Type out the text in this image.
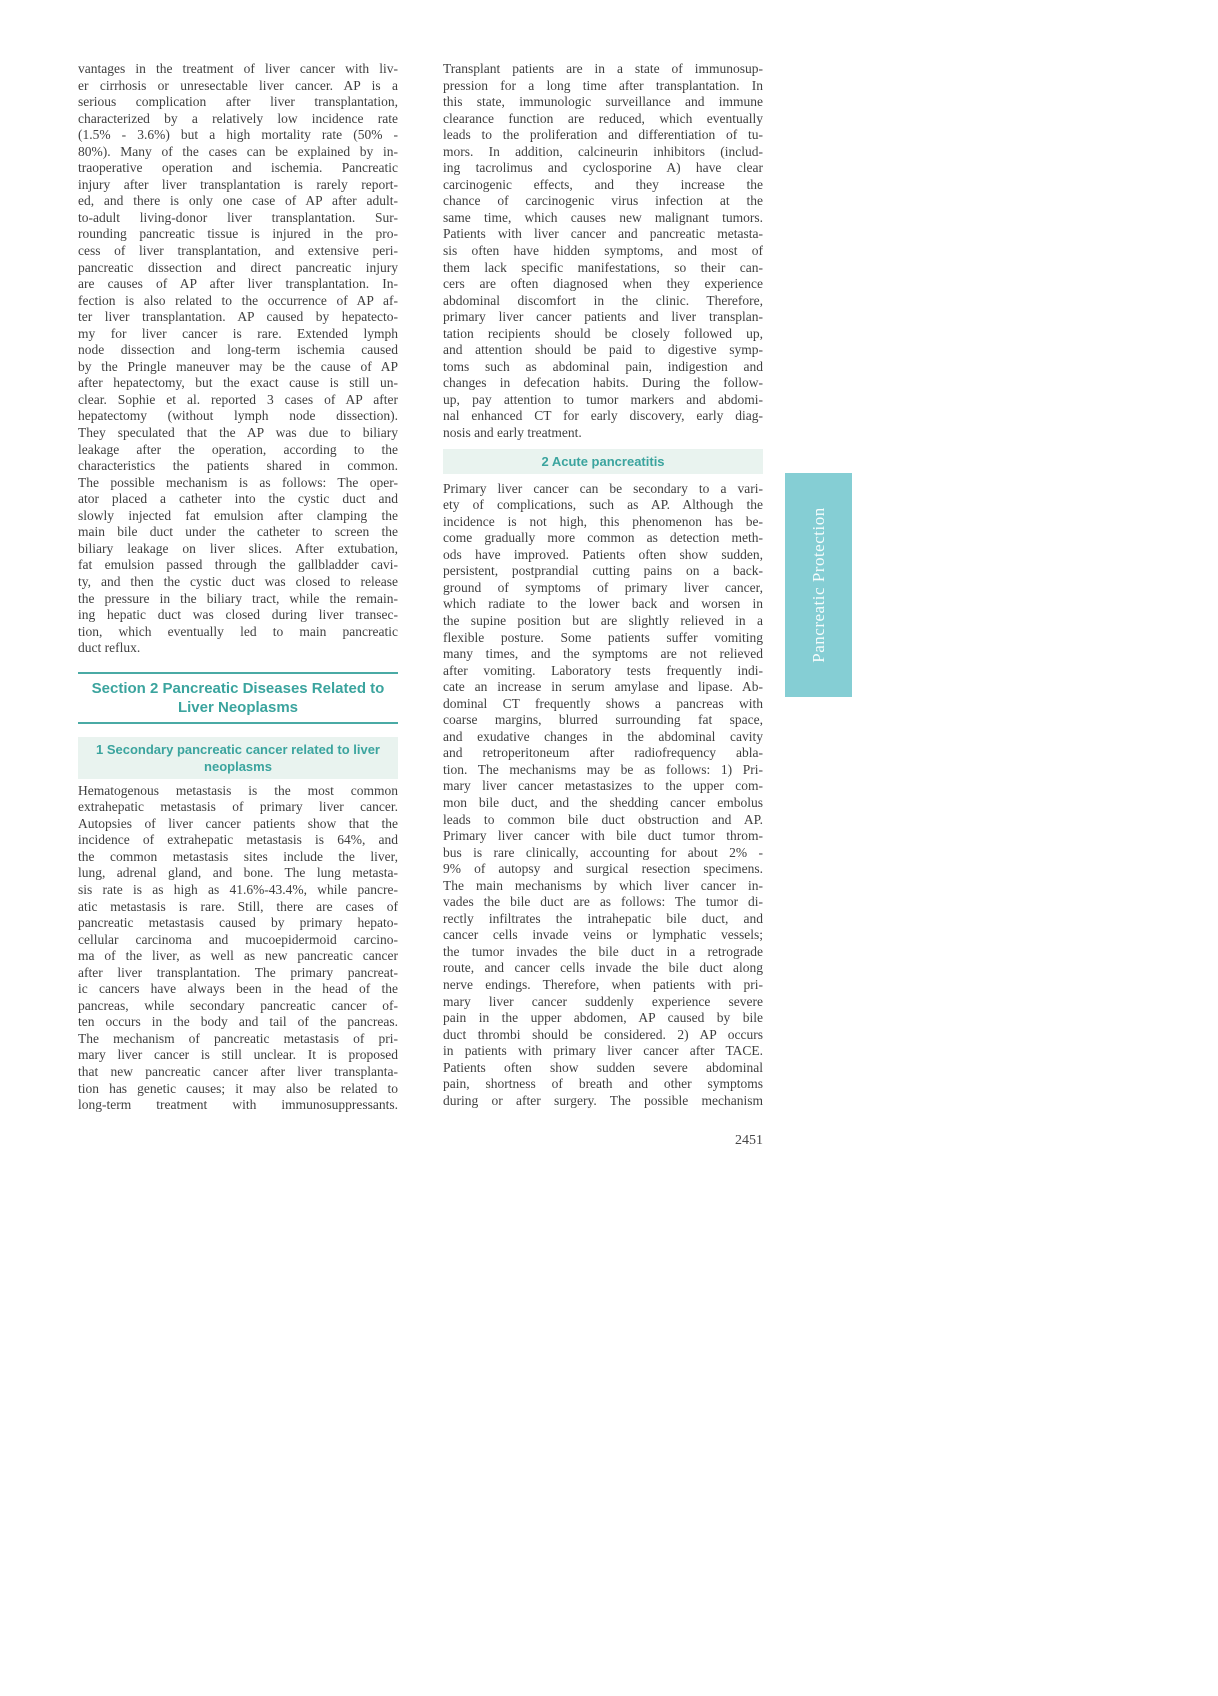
vantages in the treatment of liver cancer with liv-
er cirrhosis or unresectable liver cancer. AP is a
serious complication after liver transplantation,
characterized by a relatively low incidence rate
(1.5% - 3.6%) but a high mortality rate (50% -
80%). Many of the cases can be explained by in-
traoperative operation and ischemia. Pancreatic
injury after liver transplantation is rarely report-
ed, and there is only one case of AP after adult-
to-adult living-donor liver transplantation. Sur-
rounding pancreatic tissue is injured in the pro-
cess of liver transplantation, and extensive peri-
pancreatic dissection and direct pancreatic injury
are causes of AP after liver transplantation. In-
fection is also related to the occurrence of AP af-
ter liver transplantation. AP caused by hepatecto-
my for liver cancer is rare. Extended lymph
node dissection and long-term ischemia caused
by the Pringle maneuver may be the cause of AP
after hepatectomy, but the exact cause is still un-
clear. Sophie et al. reported 3 cases of AP after
hepatectomy (without lymph node dissection).
They speculated that the AP was due to biliary
leakage after the operation, according to the
characteristics the patients shared in common.
The possible mechanism is as follows: The oper-
ator placed a catheter into the cystic duct and
slowly injected fat emulsion after clamping the
main bile duct under the catheter to screen the
biliary leakage on liver slices. After extubation,
fat emulsion passed through the gallbladder cavi-
ty, and then the cystic duct was closed to release
the pressure in the biliary tract, while the remain-
ing hepatic duct was closed during liver transec-
tion, which eventually led to main pancreatic
duct reflux.
Section 2 Pancreatic Diseases Related to
Liver Neoplasms
1 Secondary pancreatic cancer related to liver
neoplasms
Hematogenous metastasis is the most common
extrahepatic metastasis of primary liver cancer.
Autopsies of liver cancer patients show that the
incidence of extrahepatic metastasis is 64%, and
the common metastasis sites include the liver,
lung, adrenal gland, and bone. The lung metasta-
sis rate is as high as 41.6%-43.4%, while pancre-
atic metastasis is rare. Still, there are cases of
pancreatic metastasis caused by primary hepato-
cellular carcinoma and mucoepidermoid carcino-
ma of the liver, as well as new pancreatic cancer
after liver transplantation. The primary pancreat-
ic cancers have always been in the head of the
pancreas, while secondary pancreatic cancer of-
ten occurs in the body and tail of the pancreas.
The mechanism of pancreatic metastasis of pri-
mary liver cancer is still unclear. It is proposed
that new pancreatic cancer after liver transplanta-
tion has genetic causes; it may also be related to
long-term treatment with immunosuppressants.
Transplant patients are in a state of immunosup-
pression for a long time after transplantation. In
this state, immunologic surveillance and immune
clearance function are reduced, which eventually
leads to the proliferation and differentiation of tu-
mors. In addition, calcineurin inhibitors (includ-
ing tacrolimus and cyclosporine A) have clear
carcinogenic effects, and they increase the
chance of carcinogenic virus infection at the
same time, which causes new malignant tumors.
Patients with liver cancer and pancreatic metasta-
sis often have hidden symptoms, and most of
them lack specific manifestations, so their can-
cers are often diagnosed when they experience
abdominal discomfort in the clinic. Therefore,
primary liver cancer patients and liver transplan-
tation recipients should be closely followed up,
and attention should be paid to digestive symp-
toms such as abdominal pain, indigestion and
changes in defecation habits. During the follow-
up, pay attention to tumor markers and abdomi-
nal enhanced CT for early discovery, early diag-
nosis and early treatment.
2 Acute pancreatitis
Primary liver cancer can be secondary to a vari-
ety of complications, such as AP. Although the
incidence is not high, this phenomenon has be-
come gradually more common as detection meth-
ods have improved. Patients often show sudden,
persistent, postprandial cutting pains on a back-
ground of symptoms of primary liver cancer,
which radiate to the lower back and worsen in
the supine position but are slightly relieved in a
flexible posture. Some patients suffer vomiting
many times, and the symptoms are not relieved
after vomiting. Laboratory tests frequently indi-
cate an increase in serum amylase and lipase. Ab-
dominal CT frequently shows a pancreas with
coarse margins, blurred surrounding fat space,
and exudative changes in the abdominal cavity
and retroperitoneum after radiofrequency abla-
tion. The mechanisms may be as follows: 1) Pri-
mary liver cancer metastasizes to the upper com-
mon bile duct, and the shedding cancer embolus
leads to common bile duct obstruction and AP.
Primary liver cancer with bile duct tumor throm-
bus is rare clinically, accounting for about 2% -
9% of autopsy and surgical resection specimens.
The main mechanisms by which liver cancer in-
vades the bile duct are as follows: The tumor di-
rectly infiltrates the intrahepatic bile duct, and
cancer cells invade veins or lymphatic vessels;
the tumor invades the bile duct in a retrograde
route, and cancer cells invade the bile duct along
nerve endings. Therefore, when patients with pri-
mary liver cancer suddenly experience severe
pain in the upper abdomen, AP caused by bile
duct thrombi should be considered. 2) AP occurs
in patients with primary liver cancer after TACE.
Patients often show sudden severe abdominal
pain, shortness of breath and other symptoms
during or after surgery. The possible mechanism
2451
Pancreatic Protection
